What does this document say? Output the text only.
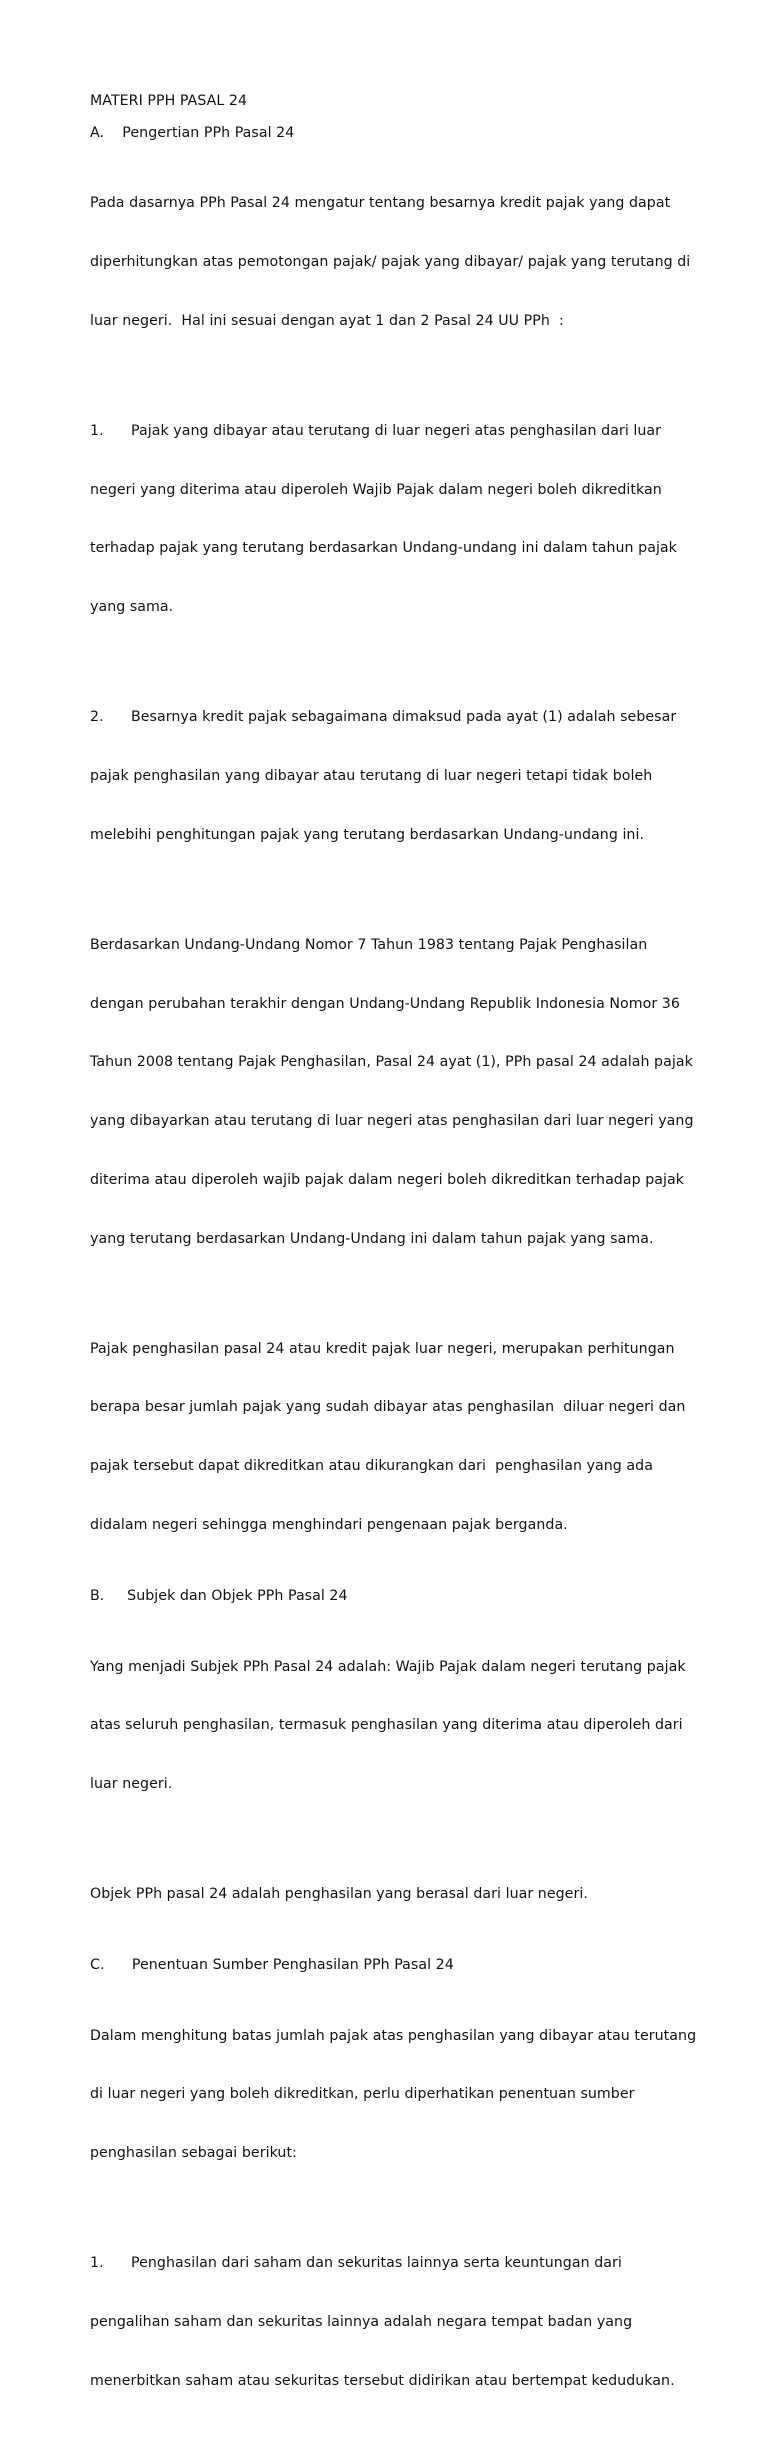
MATERI PPH PASAL 24

A.    Pengertian PPh Pasal 24

Pada dasarnya PPh Pasal 24 mengatur tentang besarnya kredit pajak yang dapat

diperhitungkan atas pemotongan pajak/ pajak yang dibayar/ pajak yang terutang di

luar negeri.  Hal ini sesuai dengan ayat 1 dan 2 Pasal 24 UU PPh  :

1.      Pajak yang dibayar atau terutang di luar negeri atas penghasilan dari luar

negeri yang diterima atau diperoleh Wajib Pajak dalam negeri boleh dikreditkan

terhadap pajak yang terutang berdasarkan Undang-undang ini dalam tahun pajak

yang sama.

2.      Besarnya kredit pajak sebagaimana dimaksud pada ayat (1) adalah sebesar

pajak penghasilan yang dibayar atau terutang di luar negeri tetapi tidak boleh

melebihi penghitungan pajak yang terutang berdasarkan Undang-undang ini.

Berdasarkan Undang-Undang Nomor 7 Tahun 1983 tentang Pajak Penghasilan

dengan perubahan terakhir dengan Undang-Undang Republik Indonesia Nomor 36

Tahun 2008 tentang Pajak Penghasilan, Pasal 24 ayat (1), PPh pasal 24 adalah pajak

yang dibayarkan atau terutang di luar negeri atas penghasilan dari luar negeri yang

diterima atau diperoleh wajib pajak dalam negeri boleh dikreditkan terhadap pajak

yang terutang berdasarkan Undang-Undang ini dalam tahun pajak yang sama.

Pajak penghasilan pasal 24 atau kredit pajak luar negeri, merupakan perhitungan

berapa besar jumlah pajak yang sudah dibayar atas penghasilan  diluar negeri dan

pajak tersebut dapat dikreditkan atau dikurangkan dari  penghasilan yang ada

didalam negeri sehingga menghindari pengenaan pajak berganda.

B.     Subjek dan Objek PPh Pasal 24

Yang menjadi Subjek PPh Pasal 24 adalah: Wajib Pajak dalam negeri terutang pajak

atas seluruh penghasilan, termasuk penghasilan yang diterima atau diperoleh dari

luar negeri.

Objek PPh pasal 24 adalah penghasilan yang berasal dari luar negeri.

C.      Penentuan Sumber Penghasilan PPh Pasal 24

Dalam menghitung batas jumlah pajak atas penghasilan yang dibayar atau terutang

di luar negeri yang boleh dikreditkan, perlu diperhatikan penentuan sumber

penghasilan sebagai berikut:

1.      Penghasilan dari saham dan sekuritas lainnya serta keuntungan dari

pengalihan saham dan sekuritas lainnya adalah negara tempat badan yang

menerbitkan saham atau sekuritas tersebut didirikan atau bertempat kedudukan.
